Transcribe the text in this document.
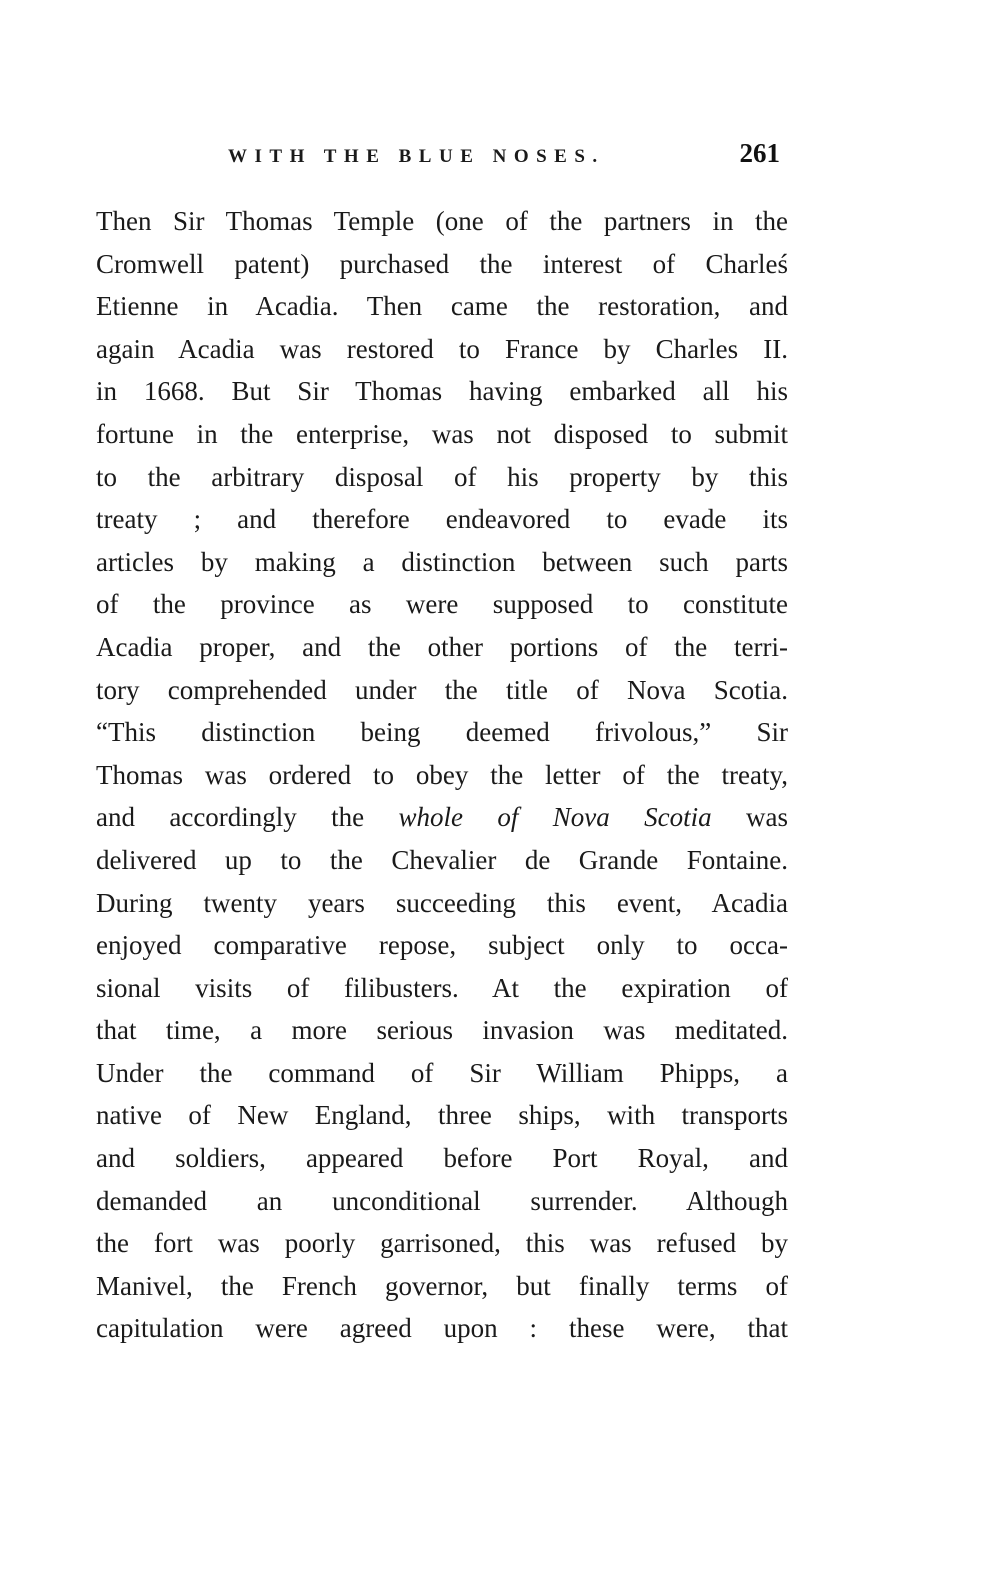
WITH THE BLUE NOSES.	261
Then Sir Thomas Temple (one of the partners in the
Cromwell patent) purchased the interest of Charleś
Etienne in Acadia. Then came the restoration, and
again Acadia was restored to France by Charles II.
in 1668. But Sir Thomas having embarked all his
fortune in the enterprise, was not disposed to submit
to the arbitrary disposal of his property by this
treaty ; and therefore endeavored to evade its
articles by making a distinction between such parts
of the province as were supposed to constitute
Acadia proper, and the other portions of the terri-
tory comprehended under the title of Nova Scotia.
“This distinction being deemed frivolous,” Sir
Thomas was ordered to obey the letter of the treaty,
and accordingly the whole of Nova Scotia was
delivered up to the Chevalier de Grande Fontaine.
During twenty years succeeding this event, Acadia
enjoyed comparative repose, subject only to occa-
sional visits of filibusters. At the expiration of
that time, a more serious invasion was meditated.
Under the command of Sir William Phipps, a
native of New England, three ships, with transports
and soldiers, appeared before Port Royal, and
demanded an unconditional surrender. Although
the fort was poorly garrisoned, this was refused by
Manivel, the French governor, but finally terms of
capitulation were agreed upon : these were, that
